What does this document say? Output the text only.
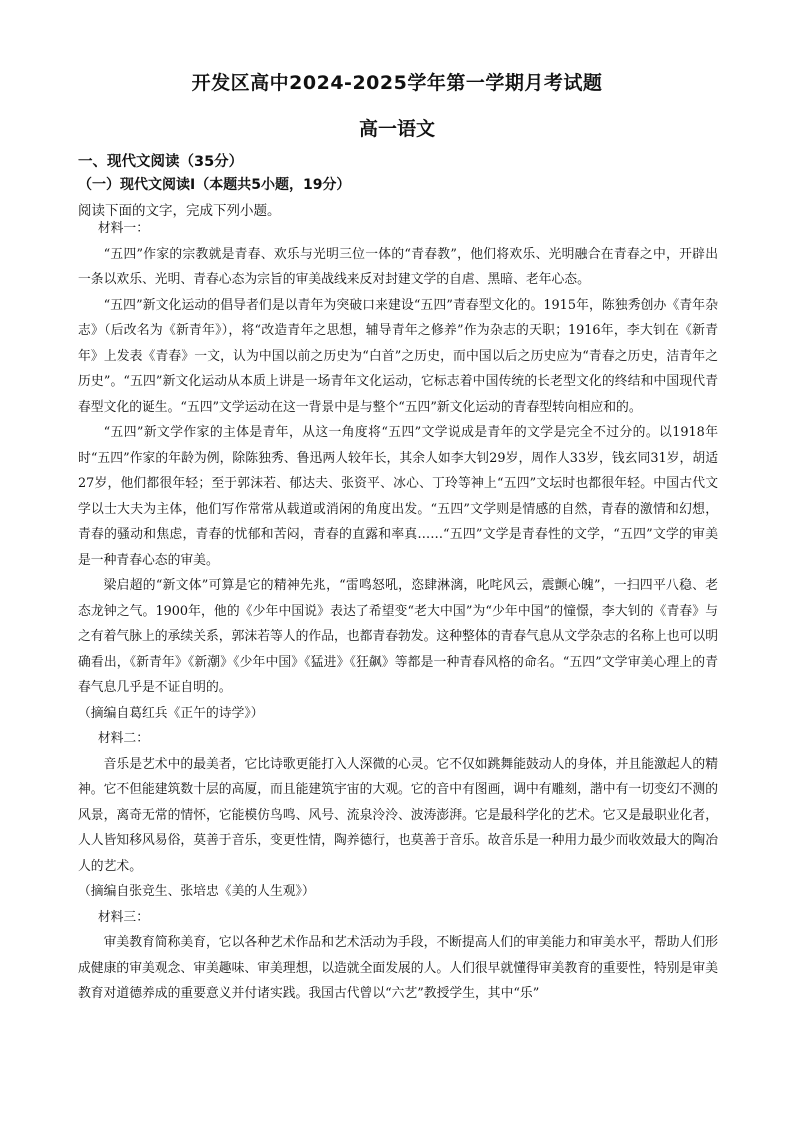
开发区高中2024-2025学年第一学期月考试题
高一语文
一、现代文阅读（35分）
（一）现代文阅读Ⅰ（本题共5小题，19分）
阅读下面的文字，完成下列小题。

材料一：

“五四”作家的宗教就是青春、欢乐与光明三位一体的“青春教”，他们将欢乐、光明融合在青春之中，开辟出一条以欢乐、光明、青春心态为宗旨的审美战线来反对封建文学的自虐、黑暗、老年心态。

“五四”新文化运动的倡导者们是以青年为突破口来建设“五四”青春型文化的。1915年，陈独秀创办《青年杂志》（后改名为《新青年》），将“改造青年之思想，辅导青年之修养”作为杂志的天职；1916年，李大钊在《新青年》上发表《青春》一文，认为中国以前之历史为“白首”之历史，而中国以后之历史应为“青春之历史，洁青年之历史”。“五四”新文化运动从本质上讲是一场青年文化运动，它标志着中国传统的长老型文化的终结和中国现代青春型文化的诞生。“五四”文学运动在这一背景中是与整个“五四”新文化运动的青春型转向相应和的。

“五四”新文学作家的主体是青年，从这一角度将“五四”文学说成是青年的文学是完全不过分的。以1918年时“五四”作家的年龄为例，除陈独秀、鲁迅两人较年长，其余人如李大钊29岁，周作人33岁，钱玄同31岁，胡适27岁，他们都很年轻；至于郭沫若、郁达夫、张资平、冰心、丁玲等神上“五四”文坛时也都很年轻。中国古代文学以士大夫为主体，他们写作常常从载道或消闲的角度出发。“五四”文学则是情感的自然，青春的激情和幻想，青春的骚动和焦虑，青春的忧郁和苦闷，青春的直露和率真……“五四”文学是青春性的文学，“五四”文学的审美是一种青春心态的审美。

梁启超的“新文体”可算是它的精神先兆，“雷鸣怒吼，恣肆淋漓，叱咤风云，震颤心魄”，一扫四平八稳、老态龙钟之气。1900年，他的《少年中国说》表达了希望变“老大中国”为“少年中国”的憧憬，李大钊的《青春》与之有着气脉上的承续关系，郭沫若等人的作品，也都青春勃发。这种整体的青春气息从文学杂志的名称上也可以明确看出，《新青年》《新潮》《少年中国》《猛进》《狂飙》等都是一种青春风格的命名。“五四”文学审美心理上的青春气息几乎是不证自明的。

（摘编自葛红兵《正午的诗学》）

材料二：

音乐是艺术中的最美者，它比诗歌更能打入人深微的心灵。它不仅如跳舞能鼓动人的身体，并且能激起人的精神。它不但能建筑数十层的高厦，而且能建筑宇宙的大观。它的音中有图画，调中有雕刻，諧中有一切变幻不测的风景，离奇无常的情怀，它能模仿鸟鸣、风号、流泉泠泠、波涛澎湃。它是最科学化的艺术。它又是最职业化者，人人皆知移风易俗，莫善于音乐，变更性情，陶养德行，也莫善于音乐。故音乐是一种用力最少而收效最大的陶冶人的艺术。

（摘编自张竞生、张培忠《美的人生观》）

材料三：

审美教育简称美育，它以各种艺术作品和艺术活动为手段，不断提高人们的审美能力和审美水平，帮助人们形成健康的审美观念、审美趣味、审美理想，以造就全面发展的人。人们很早就懂得审美教育的重要性，特别是审美教育对道德养成的重要意义并付诸实践。我国古代曾以“六艺”教授学生，其中“乐”
